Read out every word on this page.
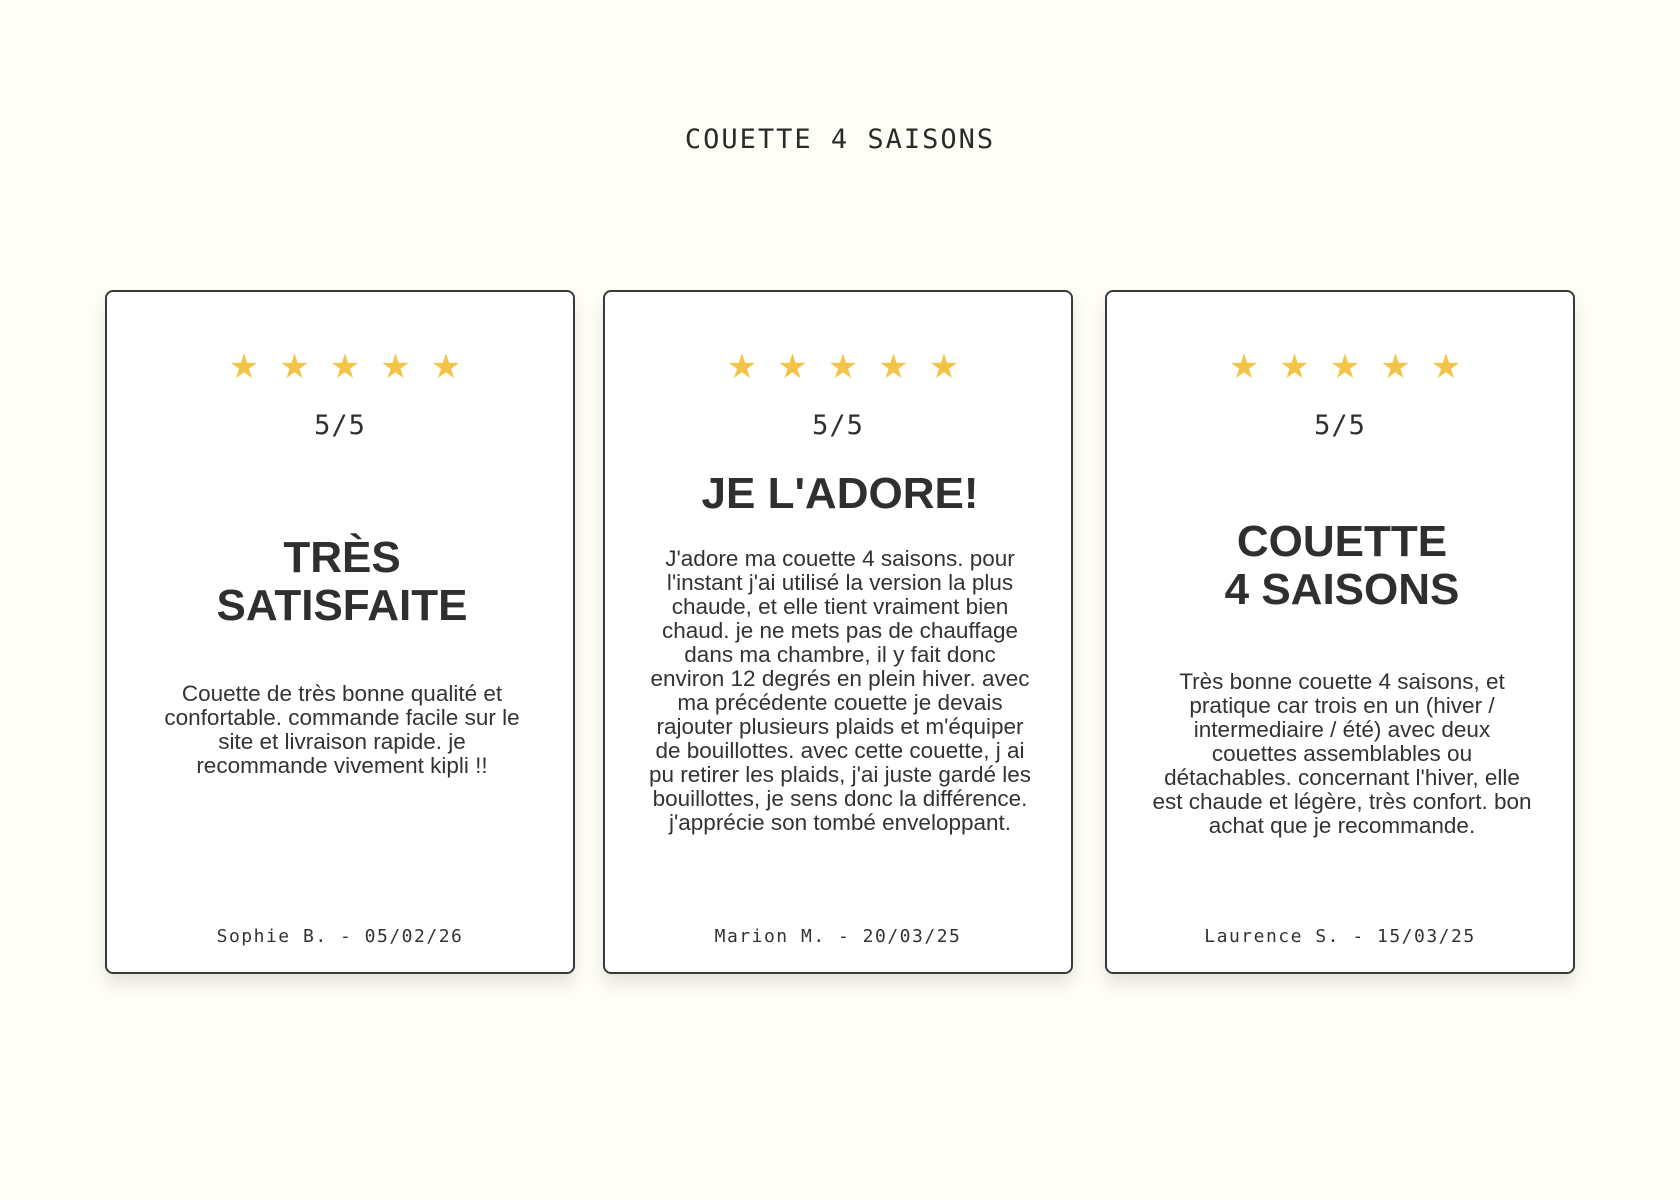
COUETTE 4 SAISONS
★ ★ ★ ★ ★
5/5
TRÈS
SATISFAITE

Couette de très bonne qualité et confortable. commande facile sur le site et livraison rapide. je recommande vivement kipli !!

Sophie B. - 05/02/26
★ ★ ★ ★ ★
5/5
JE L'ADORE!

J'adore ma couette 4 saisons. pour l'instant j'ai utilisé la version la plus chaude, et elle tient vraiment bien chaud. je ne mets pas de chauffage dans ma chambre, il y fait donc environ 12 degrés en plein hiver. avec ma précédente couette je devais rajouter plusieurs plaids et m'équiper de bouillottes. avec cette couette, j ai pu retirer les plaids, j'ai juste gardé les bouillottes, je sens donc la différence. j'apprécie son tombé enveloppant.

Marion M. - 20/03/25
★ ★ ★ ★ ★
5/5
COUETTE
4 SAISONS

Très bonne couette 4 saisons, et pratique car trois en un (hiver / intermediaire / été) avec deux couettes assemblables ou détachables. concernant l'hiver, elle est chaude et légère, très confort. bon achat que je recommande.

Laurence S. - 15/03/25
